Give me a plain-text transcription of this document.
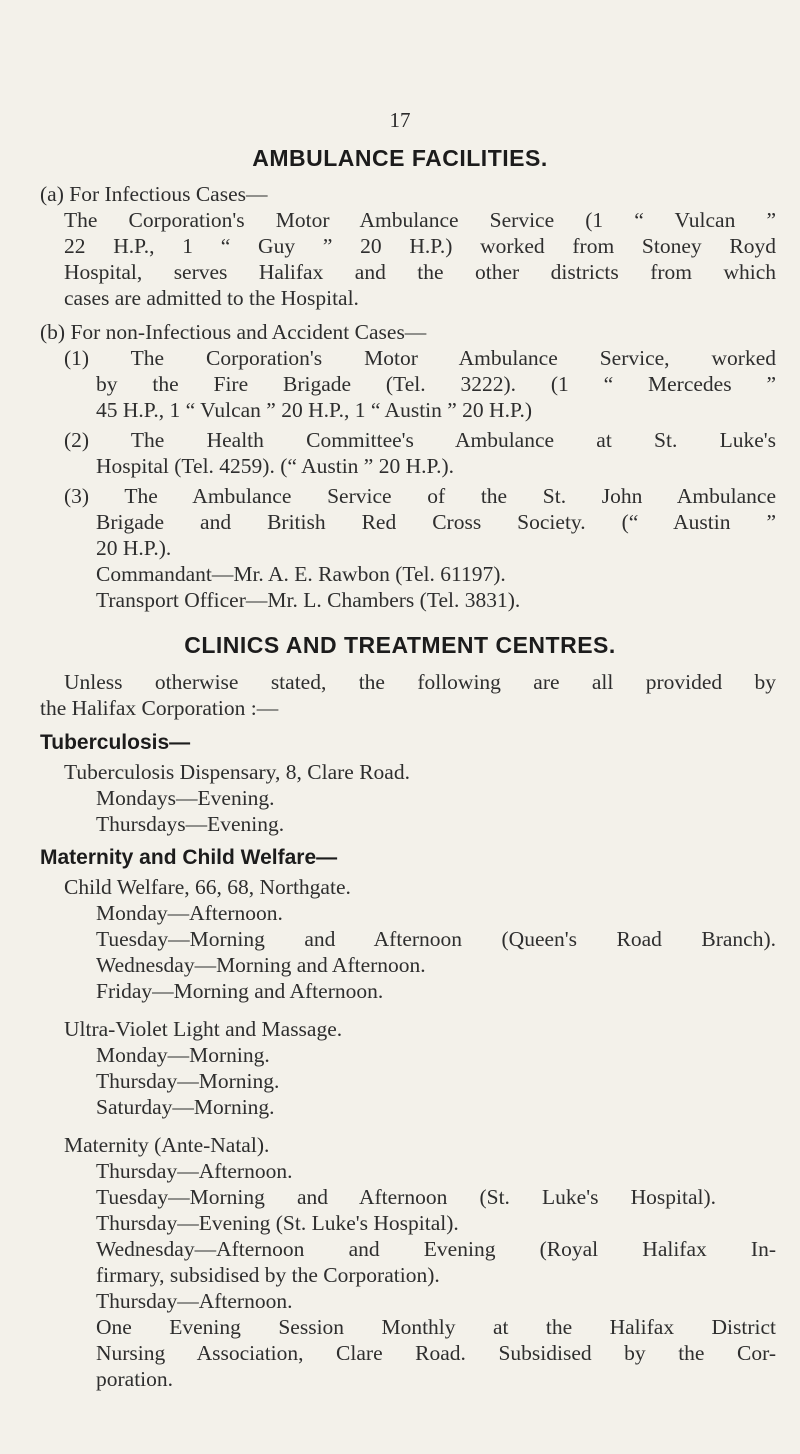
17
AMBULANCE FACILITIES.
(a) For Infectious Cases—
The Corporation's Motor Ambulance Service (1 “ Vulcan ”
22 H.P., 1 “ Guy ” 20 H.P.) worked from Stoney Royd
Hospital, serves Halifax and the other districts from which
cases are admitted to the Hospital.
(b) For non-Infectious and Accident Cases—
(1) The Corporation's Motor Ambulance Service, worked
by the Fire Brigade (Tel. 3222). (1 “ Mercedes ”
45 H.P., 1 “ Vulcan ” 20 H.P., 1 “ Austin ” 20 H.P.)
(2) The Health Committee's Ambulance at St. Luke's
Hospital (Tel. 4259). (“ Austin ” 20 H.P.).
(3) The Ambulance Service of the St. John Ambulance
Brigade and British Red Cross Society. (“ Austin ”
20 H.P.).
Commandant—Mr. A. E. Rawbon (Tel. 61197).
Transport Officer—Mr. L. Chambers (Tel. 3831).
CLINICS AND TREATMENT CENTRES.
Unless otherwise stated, the following are all provided by
the Halifax Corporation :—
Tuberculosis—
Tuberculosis Dispensary, 8, Clare Road.
Mondays—Evening.
Thursdays—Evening.
Maternity and Child Welfare—
Child Welfare, 66, 68, Northgate.
Monday—Afternoon.
Tuesday—Morning and Afternoon (Queen's Road Branch).
Wednesday—Morning and Afternoon.
Friday—Morning and Afternoon.
Ultra-Violet Light and Massage.
Monday—Morning.
Thursday—Morning.
Saturday—Morning.
Maternity (Ante-Natal).
Thursday—Afternoon.
Tuesday—Morning and Afternoon (St. Luke's Hospital).
Thursday—Evening (St. Luke's Hospital).
Wednesday—Afternoon and Evening (Royal Halifax In-
firmary, subsidised by the Corporation).
Thursday—Afternoon.
One Evening Session Monthly at the Halifax District
Nursing Association, Clare Road. Subsidised by the Cor-
poration.
